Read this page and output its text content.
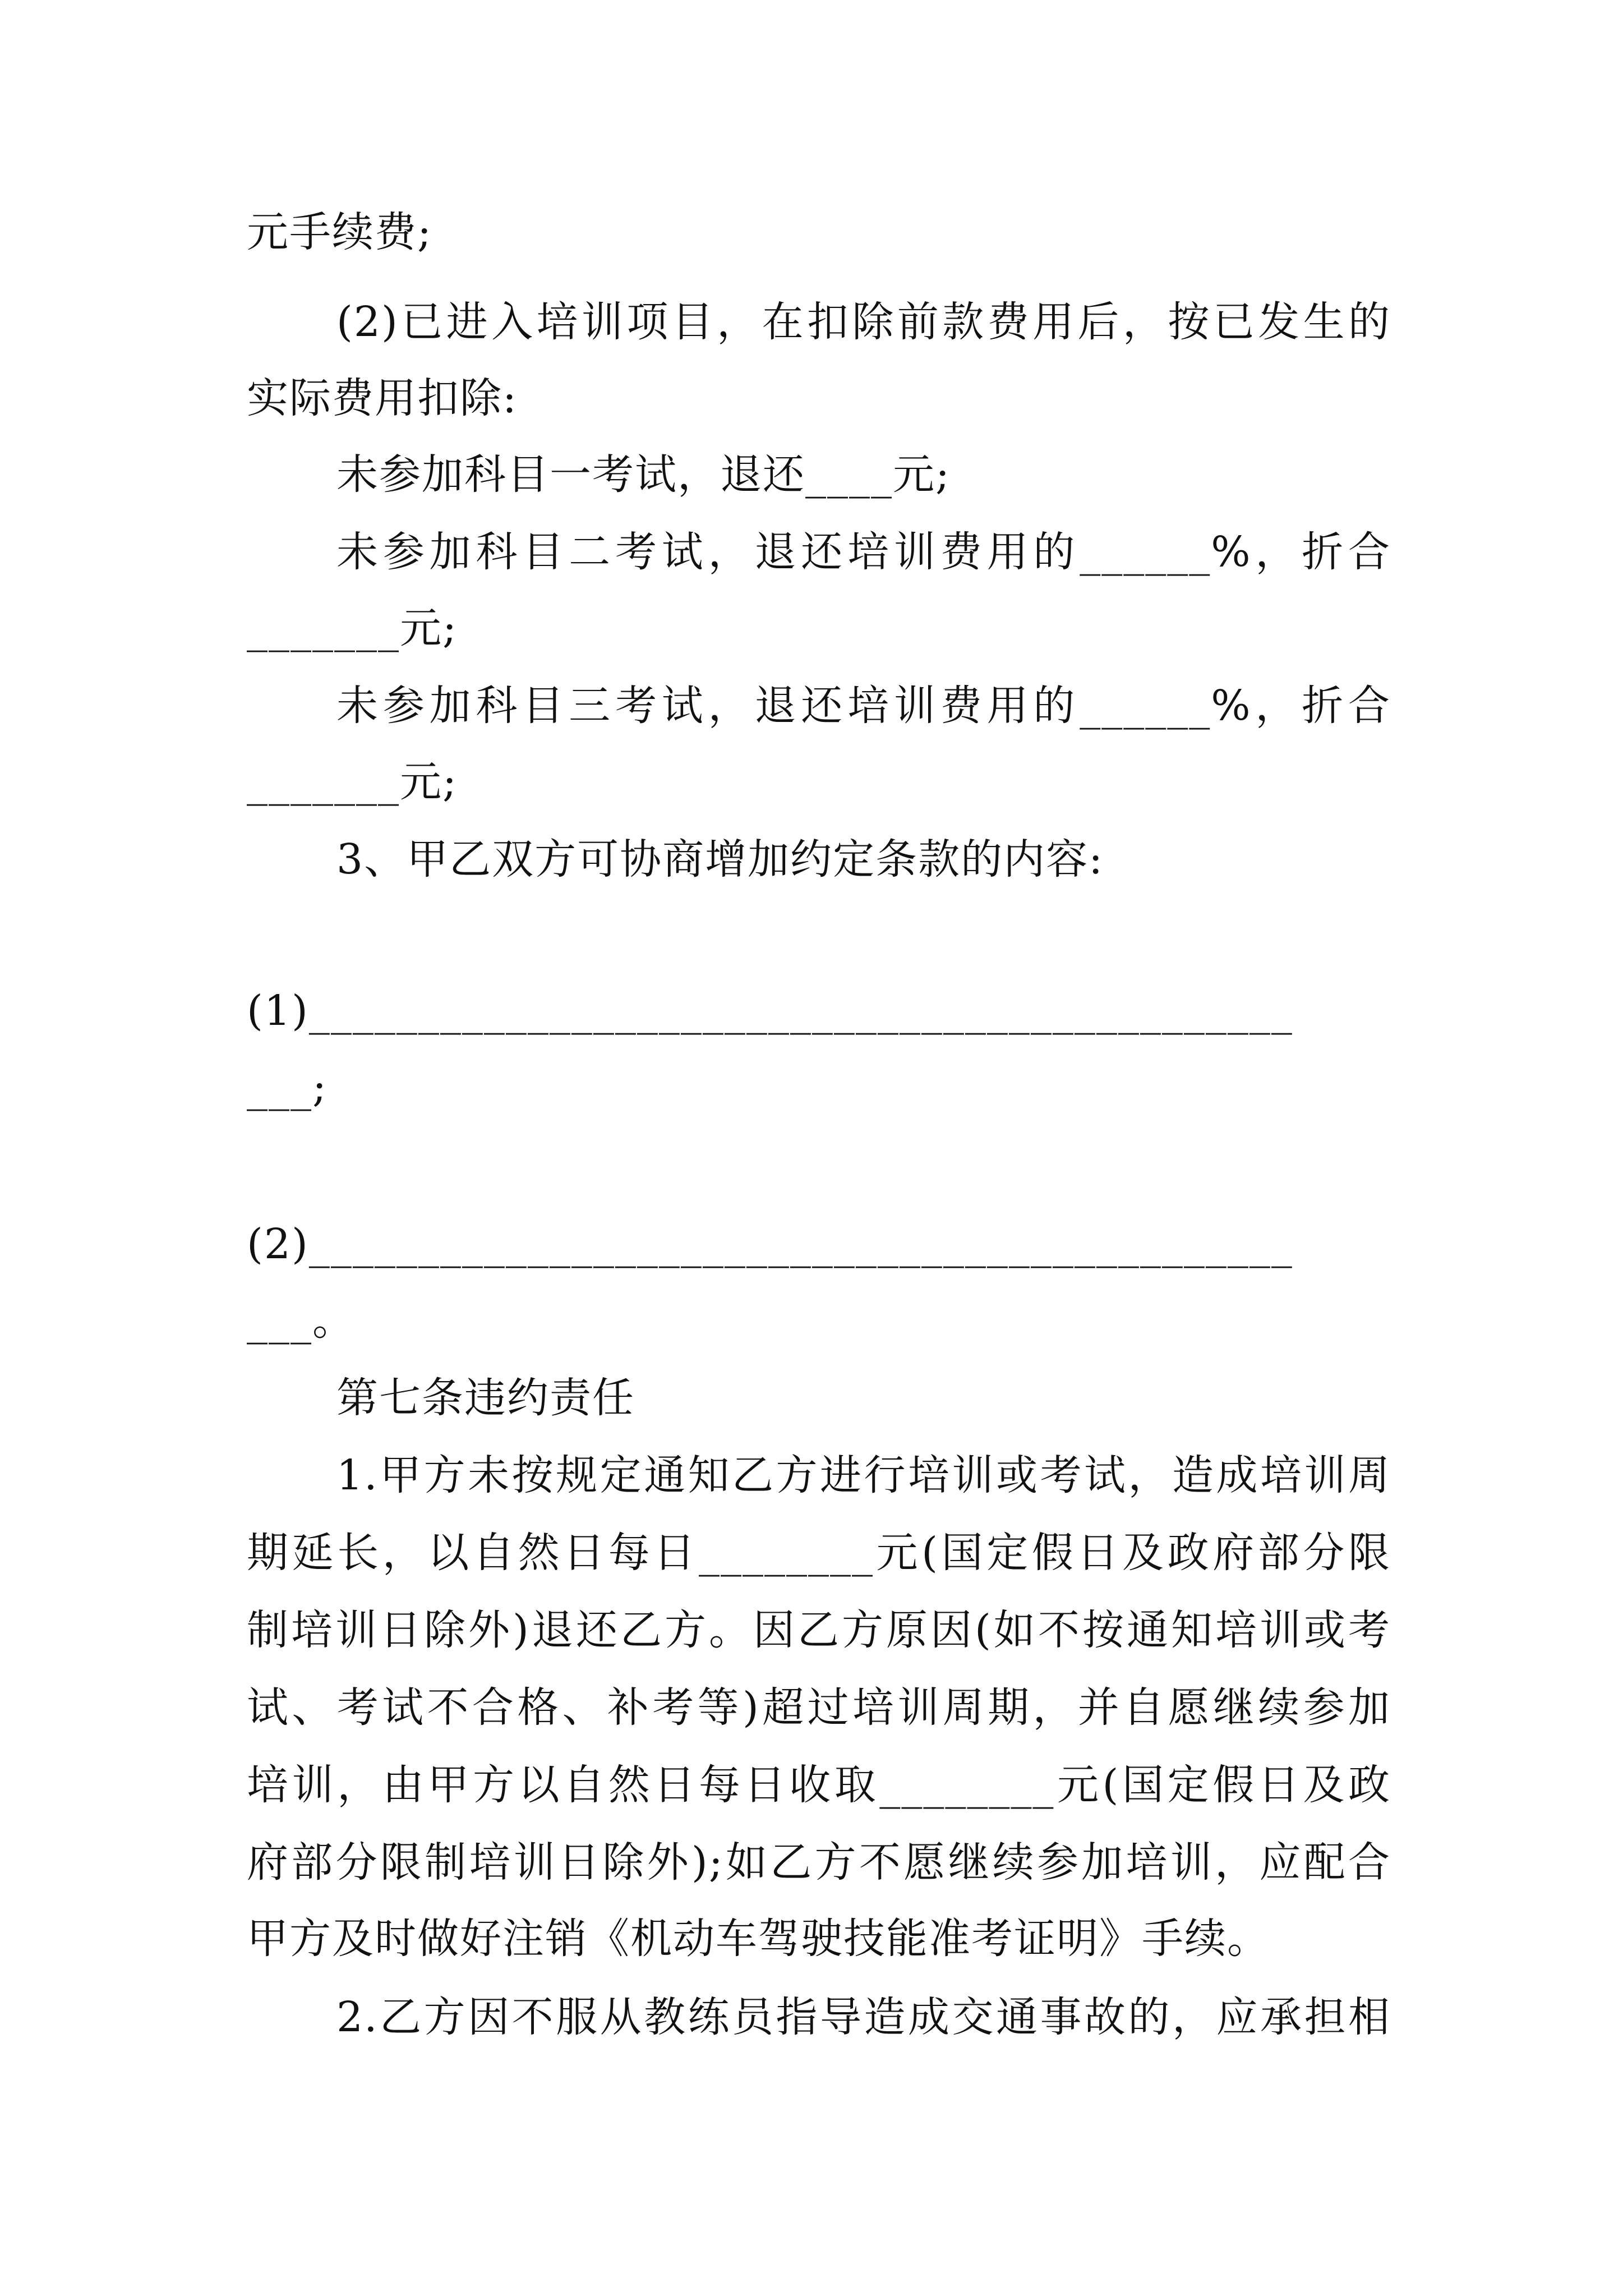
元手续费;
(2)已进入培训项目，在扣除前款费用后，按已发生的
实际费用扣除:
未参加科目一考试，退还____元;
未参加科目二考试，退还培训费用的______%，折合
_______元;
未参加科目三考试，退还培训费用的______%，折合
_______元;
3、甲乙双方可协商增加约定条款的内容:
(1)_____________________________________________
___;
(2)_____________________________________________
___。
第七条违约责任
1.甲方未按规定通知乙方进行培训或考试，造成培训周
期延长，以自然日每日________元(国定假日及政府部分限
制培训日除外)退还乙方。因乙方原因(如不按通知培训或考
试、考试不合格、补考等)超过培训周期，并自愿继续参加
培训，由甲方以自然日每日收取________元(国定假日及政
府部分限制培训日除外);如乙方不愿继续参加培训，应配合
甲方及时做好注销《机动车驾驶技能准考证明》手续。
2.乙方因不服从教练员指导造成交通事故的，应承担相
